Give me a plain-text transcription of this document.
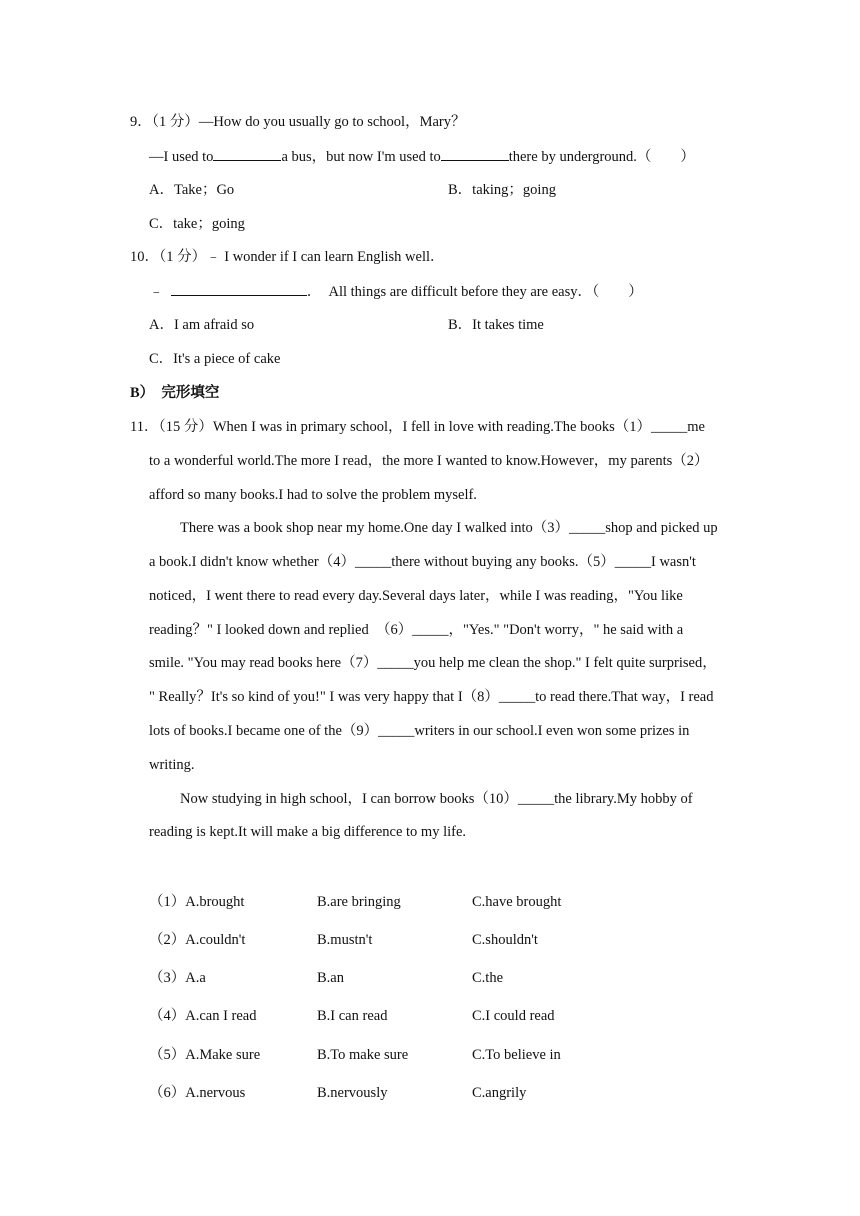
9．（1 分）—How do you usually go to school，Mary？
—I used to	a bus，but now I'm used to	there by underground.（　　）
A．Take；Go	B．taking；going
C．take；going
10．（1 分）﹣ I wonder if I can learn English well．
﹣	．　All things are difficult before they are easy．（　　）
A．I am afraid so	B．It takes time
C．It's a piece of cake
B）　完形填空
11．（15 分）When I was in primary school，I fell in love with reading.The books（1）_____me
to a wonderful world.The more I read，the more I wanted to know.However，my parents（2）
afford so many books.I had to solve the problem myself.
There was a book shop near my home.One day I walked into（3）_____shop and picked up
a book.I didn't know whether（4）_____there without buying any books.（5）_____I wasn't
noticed，I went there to read every day.Several days later，while I was reading，"You like
reading？" I looked down and replied　（6）_____，"Yes." "Don't worry，" he said with a
smile. "You may read books here（7）_____you help me clean the shop." I felt quite surprised，
" Really？It's so kind of you!" I was very happy that I（8）_____to read there.That way，I read
lots of books.I became one of the（9）_____writers in our school.I even won some prizes in
writing.
Now studying in high school，I can borrow books（10）_____the library.My hobby of
reading is kept.It will make a big difference to my life.
（1）A.brought	B.are bringing	C.have brought
（2）A.couldn't	B.mustn't	C.shouldn't
（3）A.a	B.an	C.the
（4）A.can I read	B.I can read	C.I could read
（5）A.Make sure	B.To make sure	C.To believe in
（6）A.nervous	B.nervously	C.angrily
